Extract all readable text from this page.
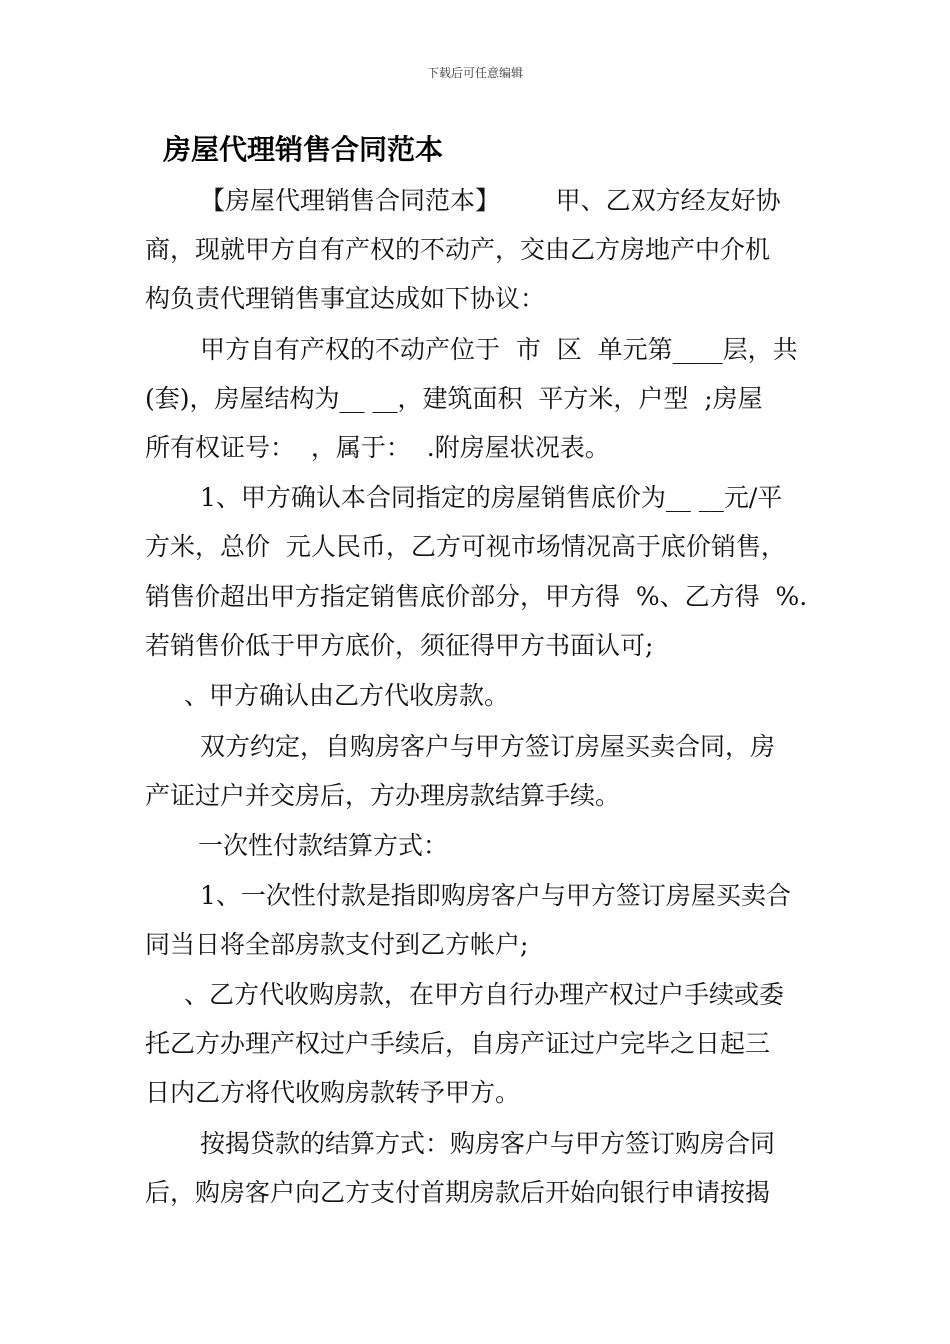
下载后可任意编辑
房屋代理销售合同范本
【房屋代理销售合同范本】       甲、乙双方经友好协
商，现就甲方自有产权的不动产，交由乙方房地产中介机
构负责代理销售事宜达成如下协议：
甲方自有产权的不动产位于  市  区  单元第____层，共
(套)，房屋结构为__ __，建筑面积  平方米，户型  ;房屋
所有权证号：  ，属于：  .附房屋状况表。
1、甲方确认本合同指定的房屋销售底价为__ __元/平
方米，总价  元人民币，乙方可视市场情况高于底价销售，
销售价超出甲方指定销售底价部分，甲方得  %、乙方得  %.
若销售价低于甲方底价，须征得甲方书面认可;
、甲方确认由乙方代收房款。
双方约定，自购房客户与甲方签订房屋买卖合同，房
产证过户并交房后，方办理房款结算手续。
一次性付款结算方式：
1、一次性付款是指即购房客户与甲方签订房屋买卖合
同当日将全部房款支付到乙方帐户;
、乙方代收购房款，在甲方自行办理产权过户手续或委
托乙方办理产权过户手续后，自房产证过户完毕之日起三
日内乙方将代收购房款转予甲方。
按揭贷款的结算方式：购房客户与甲方签订购房合同
后，购房客户向乙方支付首期房款后开始向银行申请按揭
